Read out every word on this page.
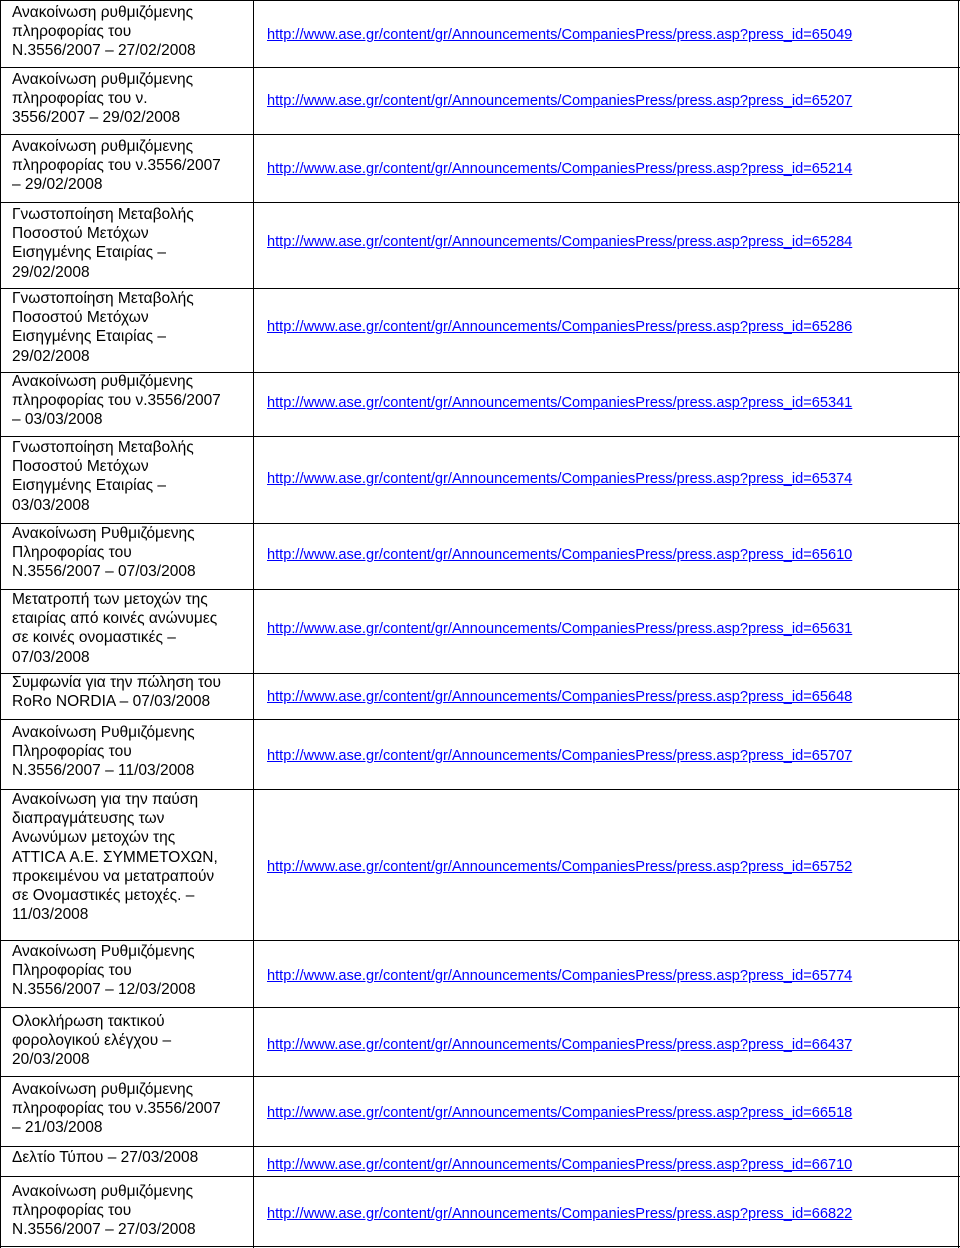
Ανακοίνωση ρυθμιζόμενης
πληροφορίας του
Ν.3556/2007 – 27/02/2008
http://www.ase.gr/content/gr/Announcements/CompaniesPress/press.asp?press_id=65049
Ανακοίνωση ρυθμιζόμενης
πληροφορίας του ν.
3556/2007 – 29/02/2008
http://www.ase.gr/content/gr/Announcements/CompaniesPress/press.asp?press_id=65207
Ανακοίνωση ρυθμιζόμενης
πληροφορίας του ν.3556/2007
– 29/02/2008
http://www.ase.gr/content/gr/Announcements/CompaniesPress/press.asp?press_id=65214
Γνωστοποίηση Μεταβολής
Ποσοστού Μετόχων
Εισηγμένης Εταιρίας –
29/02/2008
http://www.ase.gr/content/gr/Announcements/CompaniesPress/press.asp?press_id=65284
Γνωστοποίηση Μεταβολής
Ποσοστού Μετόχων
Εισηγμένης Εταιρίας –
29/02/2008
http://www.ase.gr/content/gr/Announcements/CompaniesPress/press.asp?press_id=65286
Ανακοίνωση ρυθμιζόμενης
πληροφορίας του ν.3556/2007
– 03/03/2008
http://www.ase.gr/content/gr/Announcements/CompaniesPress/press.asp?press_id=65341
Γνωστοποίηση Μεταβολής
Ποσοστού Μετόχων
Εισηγμένης Εταιρίας –
03/03/2008
http://www.ase.gr/content/gr/Announcements/CompaniesPress/press.asp?press_id=65374
Ανακοίνωση Ρυθμιζόμενης
Πληροφορίας του
Ν.3556/2007 – 07/03/2008
http://www.ase.gr/content/gr/Announcements/CompaniesPress/press.asp?press_id=65610
Μετατροπή των μετοχών της
εταιρίας από κοινές ανώνυμες
σε κοινές ονομαστικές –
07/03/2008
http://www.ase.gr/content/gr/Announcements/CompaniesPress/press.asp?press_id=65631
Συμφωνία για την πώληση του
RoRo NORDIA – 07/03/2008	http://www.ase.gr/content/gr/Announcements/CompaniesPress/press.asp?press_id=65648
Ανακοίνωση Ρυθμιζόμενης
Πληροφορίας του
Ν.3556/2007 – 11/03/2008
http://www.ase.gr/content/gr/Announcements/CompaniesPress/press.asp?press_id=65707
Ανακοίνωση για την παύση
διαπραγμάτευσης των
Ανωνύμων μετοχών της
ATTICA Α.Ε. ΣΥΜΜΕΤΟΧΩΝ,
προκειμένου να μετατραπούν
σε Ονομαστικές μετοχές. –
11/03/2008
http://www.ase.gr/content/gr/Announcements/CompaniesPress/press.asp?press_id=65752
Ανακοίνωση Ρυθμιζόμενης
Πληροφορίας του
Ν.3556/2007 – 12/03/2008
http://www.ase.gr/content/gr/Announcements/CompaniesPress/press.asp?press_id=65774
Ολοκλήρωση τακτικού
φορολογικού ελέγχου –
20/03/2008
http://www.ase.gr/content/gr/Announcements/CompaniesPress/press.asp?press_id=66437
Ανακοίνωση ρυθμιζόμενης
πληροφορίας του ν.3556/2007
– 21/03/2008
http://www.ase.gr/content/gr/Announcements/CompaniesPress/press.asp?press_id=66518
Δελτίο Τύπου – 27/03/2008	http://www.ase.gr/content/gr/Announcements/CompaniesPress/press.asp?press_id=66710
Ανακοίνωση ρυθμιζόμενης
πληροφορίας του
Ν.3556/2007 – 27/03/2008
http://www.ase.gr/content/gr/Announcements/CompaniesPress/press.asp?press_id=66822
